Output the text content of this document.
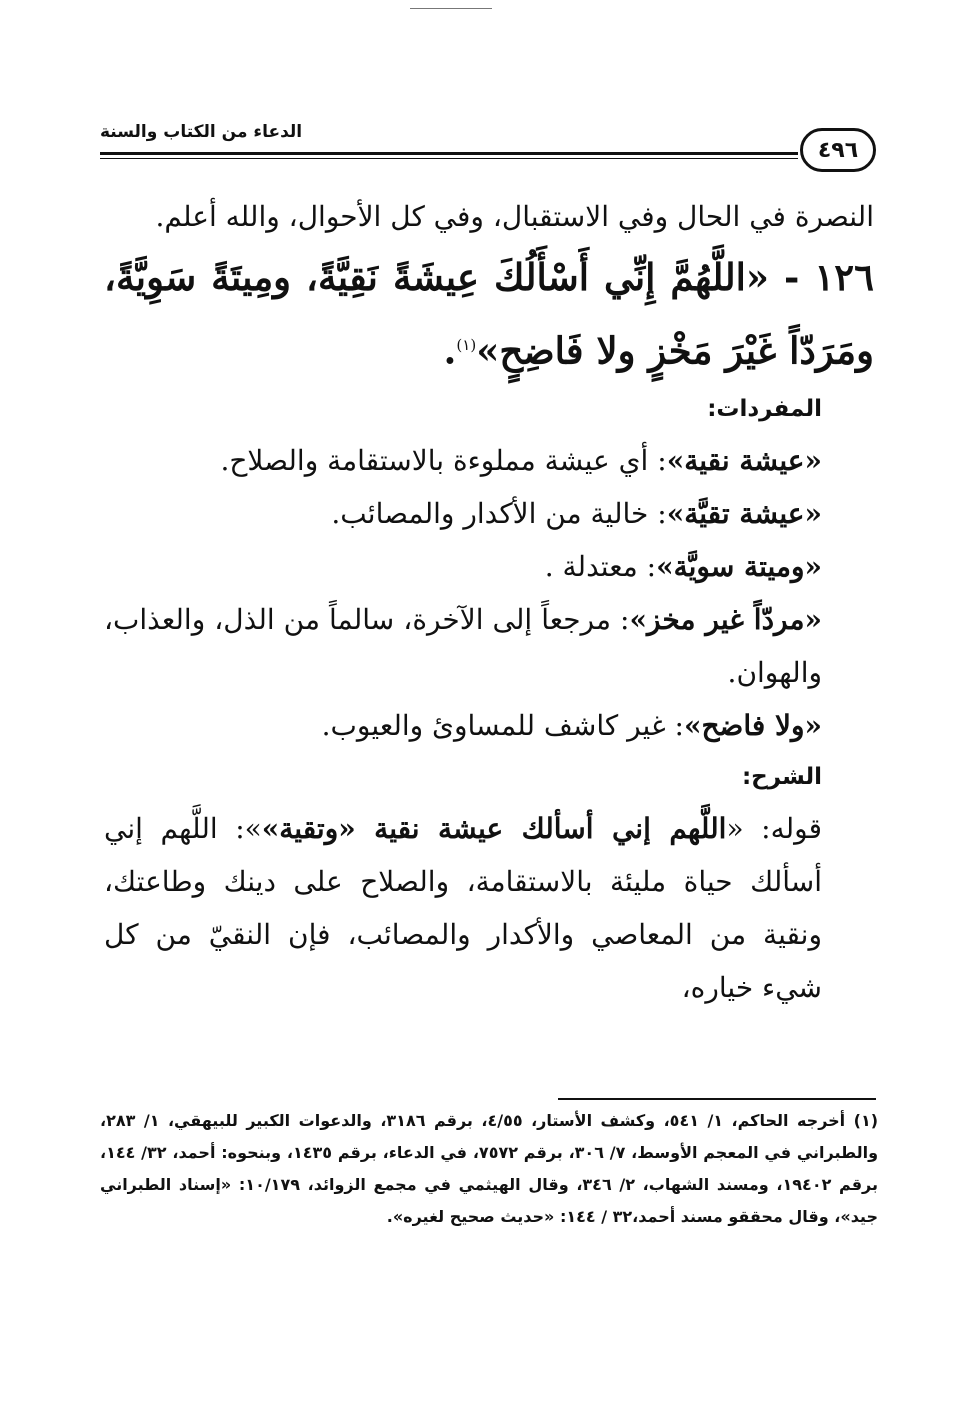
الدعاء من الكتاب والسنة
٤٩٦

النصرة في الحال وفي الاستقبال، وفي كل الأحوال، والله أعلم.

١٢٦ - «اللَّهُمَّ إِنِّي أَسْأَلُكَ عِيشَةً نَقِيَّةً، ومِيتَةً سَوِيَّةً، ومَرَدّاً غَيْرَ مَخْزٍ ولا فَاضِحٍ»$^{(١)}$.

المفردات:

«عيشة نقية»: أي عيشة مملوءة بالاستقامة والصلاح.

«عيشة تقيَّة»: خالية من الأكدار والمصائب.

«وميتة سويَّة»: معتدلة .

«مردّاً غير مخز»: مرجعاً إلى الآخرة، سالماً من الذل، والعذاب، والهوان.

«ولا فاضح»: غير كاشف للمساوئ والعيوب.

الشرح:

قوله: «اللَّهم إني أسألك عيشة نقية «وتقية»»: اللَّهم إني أسألك حياة مليئة بالاستقامة، والصلاح على دينك وطاعتك، ونقية من المعاصي والأكدار والمصائب، فإن النقيّ من كل شيء خياره،

(١) أخرجه الحاكم، ١/ ٥٤١، وكشف الأستار، ٤/٥٥، برقم ٣١٨٦، والدعوات الكبير للبيهقي، ١/ ٢٨٣، والطبراني في المعجم الأوسط، ٧/ ٣٠٦، برقم ٧٥٧٢، في الدعاء، برقم ١٤٣٥، وبنحوه: أحمد، ٣٢/ ١٤٤، برقم ١٩٤٠٢، ومسند الشهاب، ٢/ ٣٤٦، وقال الهيثمي في مجمع الزوائد، ١٠/١٧٩: «إسناد الطبراني جيد»، وقال محققو مسند أحمد،٣٢ / ١٤٤: «حديث صحيح لغيره».
